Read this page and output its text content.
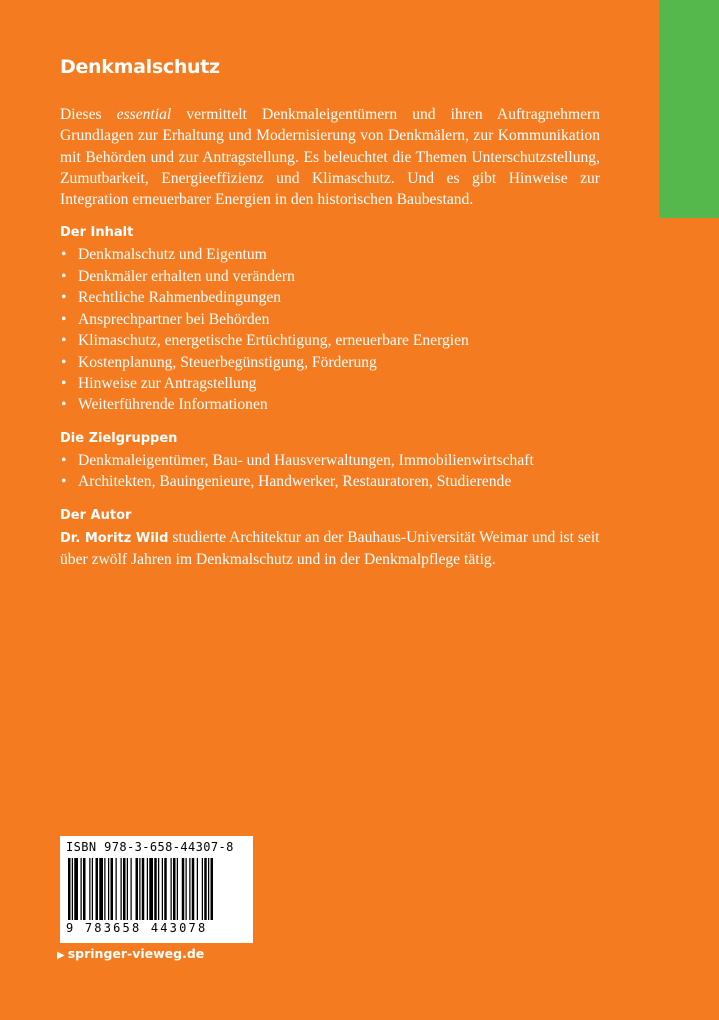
Denkmalschutz

Dieses essential vermittelt Denkmaleigentümern und ihren Auftragnehmern Grundlagen zur Erhaltung und Modernisierung von Denkmälern, zur Kommunikation mit Behörden und zur Antragstellung. Es beleuchtet die Themen Unterschutzstellung, Zumutbarkeit, Energieeffizienz und Klimaschutz. Und es gibt Hinweise zur Integration erneuerbarer Energien in den historischen Baubestand.

Der Inhalt
• Denkmalschutz und Eigentum
• Denkmäler erhalten und verändern
• Rechtliche Rahmenbedingungen
• Ansprechpartner bei Behörden
• Klimaschutz, energetische Ertüchtigung, erneuerbare Energien
• Kostenplanung, Steuerbegünstigung, Förderung
• Hinweise zur Antragstellung
• Weiterführende Informationen
Die Zielgruppen
• Denkmaleigentümer, Bau- und Hausverwaltungen, Immobilienwirtschaft
• Architekten, Bauingenieure, Handwerker, Restauratoren, Studierende
Der Autor

Dr. Moritz Wild studierte Architektur an der Bauhaus-Universität Weimar und ist seit über zwölf Jahren im Denkmalschutz und in der Denkmalpflege tätig.

ISBN 978-3-658-44307-8
9 783658 443078
▶ springer-vieweg.de
